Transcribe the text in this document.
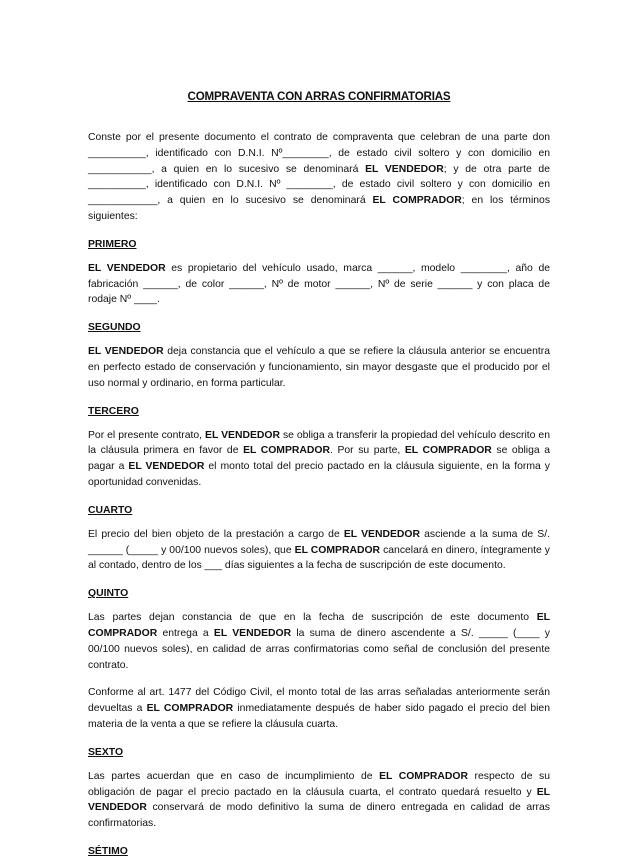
COMPRAVENTA CON ARRAS CONFIRMATORIAS

Conste por el presente documento el contrato de compraventa que celebran de una parte don __________, identificado con D.N.I. Nº________, de estado civil soltero y con domicilio en ___________, a quien en lo sucesivo se denominará EL VENDEDOR; y de otra parte de __________, identificado con D.N.I. Nº ________, de estado civil soltero y con domicilio en ____________, a quien en lo sucesivo se denominará EL COMPRADOR; en los términos siguientes:

PRIMERO

EL VENDEDOR es propietario del vehículo usado, marca ______, modelo ________, año de fabricación ______, de color ______, Nº de motor ______, Nº de serie ______ y con placa de rodaje Nº ____.

SEGUNDO

EL VENDEDOR deja constancia que el vehículo a que se refiere la cláusula anterior se encuentra en perfecto estado de conservación y funcionamiento, sin mayor desgaste que el producido por el uso normal y ordinario, en forma particular.

TERCERO

Por el presente contrato, EL VENDEDOR se obliga a transferir la propiedad del vehículo descrito en la cláusula primera en favor de EL COMPRADOR. Por su parte, EL COMPRADOR se obliga a pagar a EL VENDEDOR el monto total del precio pactado en la cláusula siguiente, en la forma y oportunidad convenidas.

CUARTO

El precio del bien objeto de la prestación a cargo de EL VENDEDOR asciende a la suma de S/. ______ (_____ y 00/100 nuevos soles), que EL COMPRADOR cancelará en dinero, íntegramente y al contado, dentro de los ___ días siguientes a la fecha de suscripción de este documento.

QUINTO

Las partes dejan constancia de que en la fecha de suscripción de este documento EL COMPRADOR entrega a EL VENDEDOR la suma de dinero ascendente a S/. _____ (____ y 00/100 nuevos soles), en calidad de arras confirmatorias como señal de conclusión del presente contrato.

Conforme al art. 1477 del Código Civil, el monto total de las arras señaladas anteriormente serán devueltas a EL COMPRADOR inmediatamente después de haber sido pagado el precio del bien materia de la venta a que se refiere la cláusula cuarta.

SEXTO

Las partes acuerdan que en caso de incumplimiento de EL COMPRADOR respecto de su obligación de pagar el precio pactado en la cláusula cuarta, el contrato quedará resuelto y EL VENDEDOR conservará de modo definitivo la suma de dinero entregada en calidad de arras confirmatorias.

SÉTIMO
